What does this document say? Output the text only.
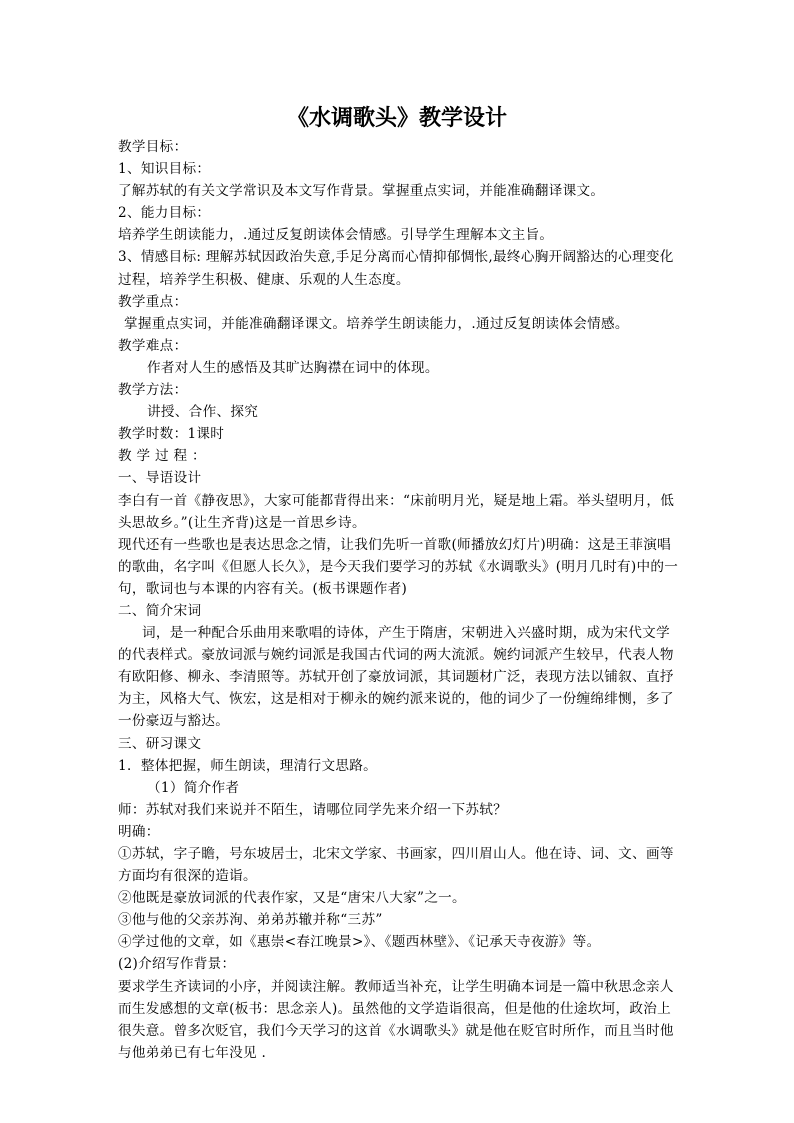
《水调歌头》教学设计

教学目标：

1、知识目标：

了解苏轼的有关文学常识及本文写作背景。掌握重点实词，并能准确翻译课文。

2、能力目标：

培养学生朗读能力，.通过反复朗读体会情感。引导学生理解本文主旨。

3、情感目标: 理解苏轼因政治失意,手足分离而心情抑郁惆怅,最终心胸开阔豁达的心理变化过程，培养学生积极、健康、乐观的人生态度。

教学重点：

掌握重点实词，并能准确翻译课文。培养学生朗读能力，.通过反复朗读体会情感。

教学难点：

作者对人生的感悟及其旷达胸襟在词中的体现。

教学方法：

讲授、合作、探究

教学时数：1课时

教 学 过 程 ：

一、导语设计

李白有一首《静夜思》，大家可能都背得出来：“床前明月光，疑是地上霜。举头望明月，低头思故乡。”(让生齐背)这是一首思乡诗。

现代还有一些歌也是表达思念之情，让我们先听一首歌(师播放幻灯片)明确：这是王菲演唱的歌曲，名字叫《但愿人长久》，是今天我们要学习的苏轼《水调歌头》(明月几时有)中的一句，歌词也与本课的内容有关。(板书课题作者)

二、简介宋词

词，是一种配合乐曲用来歌唱的诗体，产生于隋唐，宋朝进入兴盛时期，成为宋代文学的代表样式。豪放词派与婉约词派是我国古代词的两大流派。婉约词派产生较早，代表人物有欧阳修、柳永、李清照等。苏轼开创了豪放词派，其词题材广泛，表现方法以铺叙、直抒为主，风格大气、恢宏，这是相对于柳永的婉约派来说的，他的词少了一份缠绵绯恻，多了一份豪迈与豁达。

三、研习课文

1．整体把握，师生朗读，理清行文思路。

（1）简介作者

师：苏轼对我们来说并不陌生，请哪位同学先来介绍一下苏轼？

明确：

①苏轼，字子瞻，号东坡居士，北宋文学家、书画家，四川眉山人。他在诗、词、文、画等方面均有很深的造诣。

②他既是豪放词派的代表作家，又是“唐宋八大家”之一。

③他与他的父亲苏洵、弟弟苏辙并称“三苏”

④学过他的文章，如《惠崇<春江晚景>》、《题西林壁》、《记承天寺夜游》等。

(2)介绍写作背景：

要求学生齐读词的小序，并阅读注解。教师适当补充，让学生明确本词是一篇中秋思念亲人而生发感想的文章(板书：思念亲人)。虽然他的文学造诣很高，但是他的仕途坎坷，政治上很失意。曾多次贬官，我们今天学习的这首《水调歌头》就是他在贬官时所作，而且当时他与他弟弟已有七年没见 .
